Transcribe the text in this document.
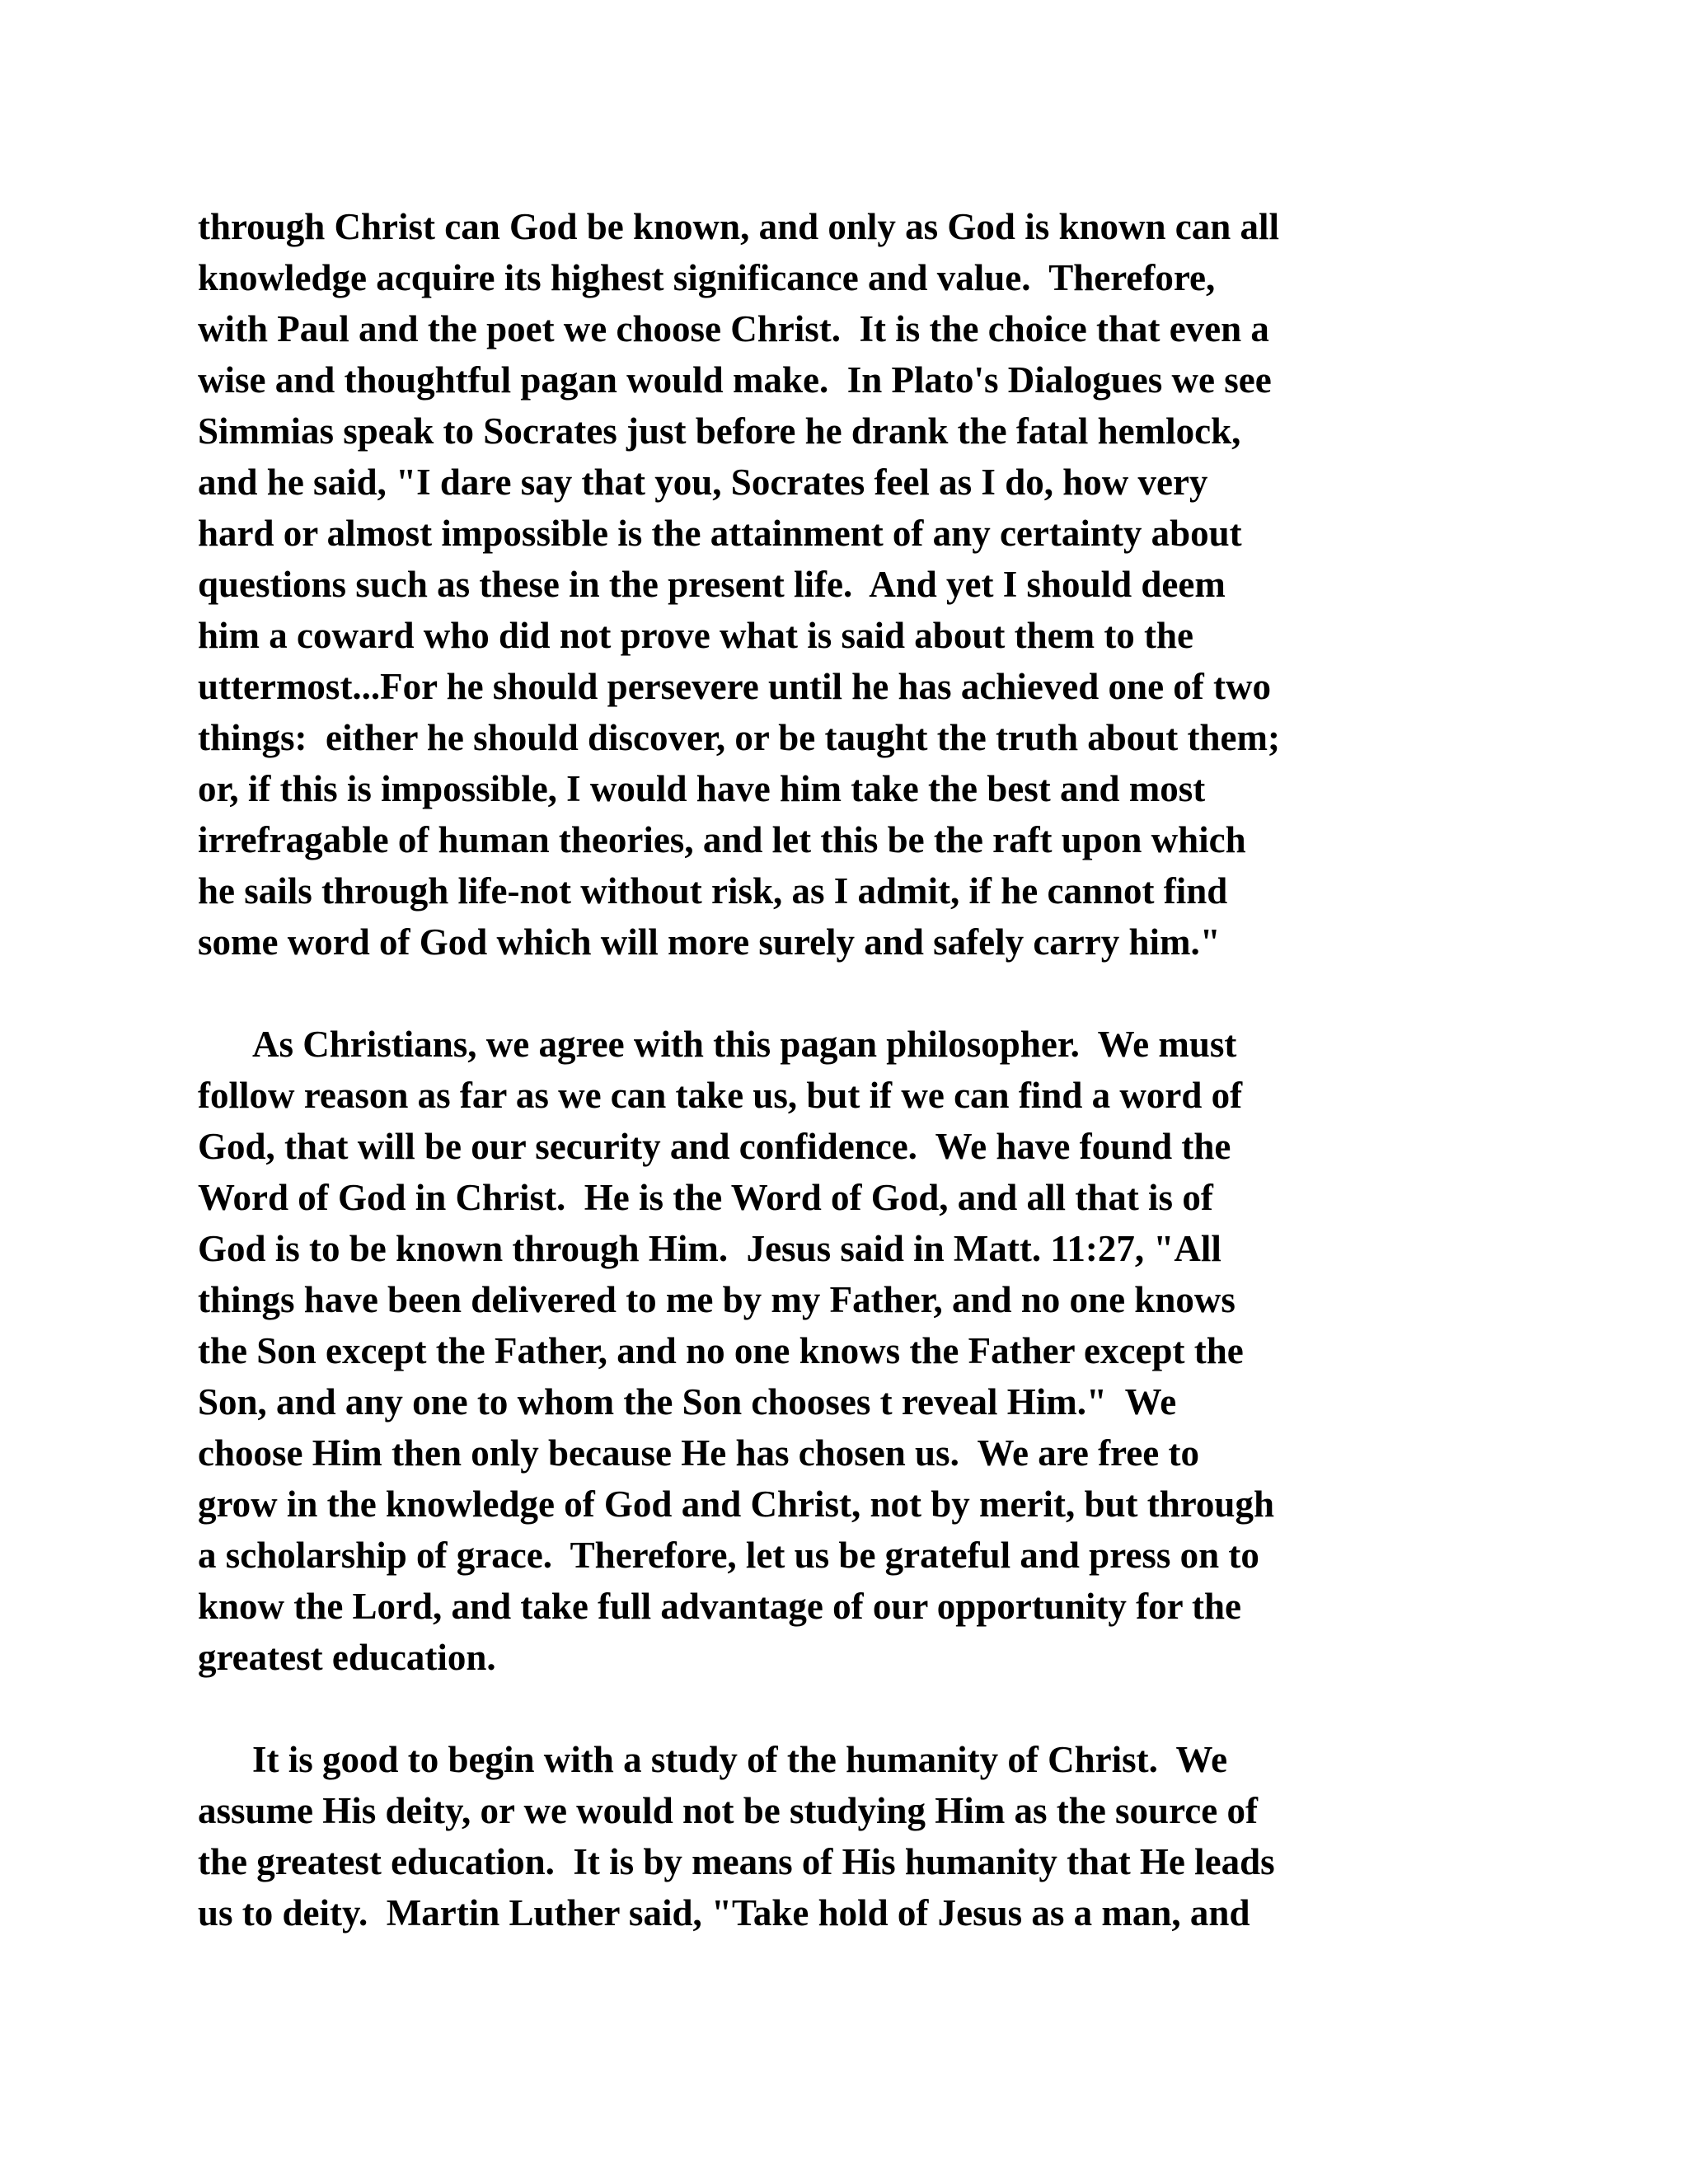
through Christ can God be known, and only as God is known can all
knowledge acquire its highest significance and value.  Therefore,
with Paul and the poet we choose Christ.  It is the choice that even a
wise and thoughtful pagan would make.  In Plato's Dialogues we see
Simmias speak to Socrates just before he drank the fatal hemlock,
and he said, "I dare say that you, Socrates feel as I do, how very
hard or almost impossible is the attainment of any certainty about
questions such as these in the present life.  And yet I should deem
him a coward who did not prove what is said about them to the
uttermost...For he should persevere until he has achieved one of two
things:  either he should discover, or be taught the truth about them;
or, if this is impossible, I would have him take the best and most
irrefragable of human theories, and let this be the raft upon which
he sails through life-not without risk, as I admit, if he cannot find
some word of God which will more surely and safely carry him."
As Christians, we agree with this pagan philosopher.  We must
follow reason as far as we can take us, but if we can find a word of
God, that will be our security and confidence.  We have found the
Word of God in Christ.  He is the Word of God, and all that is of
God is to be known through Him.  Jesus said in Matt. 11:27, "All
things have been delivered to me by my Father, and no one knows
the Son except the Father, and no one knows the Father except the
Son, and any one to whom the Son chooses t reveal Him."  We
choose Him then only because He has chosen us.  We are free to
grow in the knowledge of God and Christ, not by merit, but through
a scholarship of grace.  Therefore, let us be grateful and press on to
know the Lord, and take full advantage of our opportunity for the
greatest education.
It is good to begin with a study of the humanity of Christ.  We
assume His deity, or we would not be studying Him as the source of
the greatest education.  It is by means of His humanity that He leads
us to deity.  Martin Luther said, "Take hold of Jesus as a man, and
